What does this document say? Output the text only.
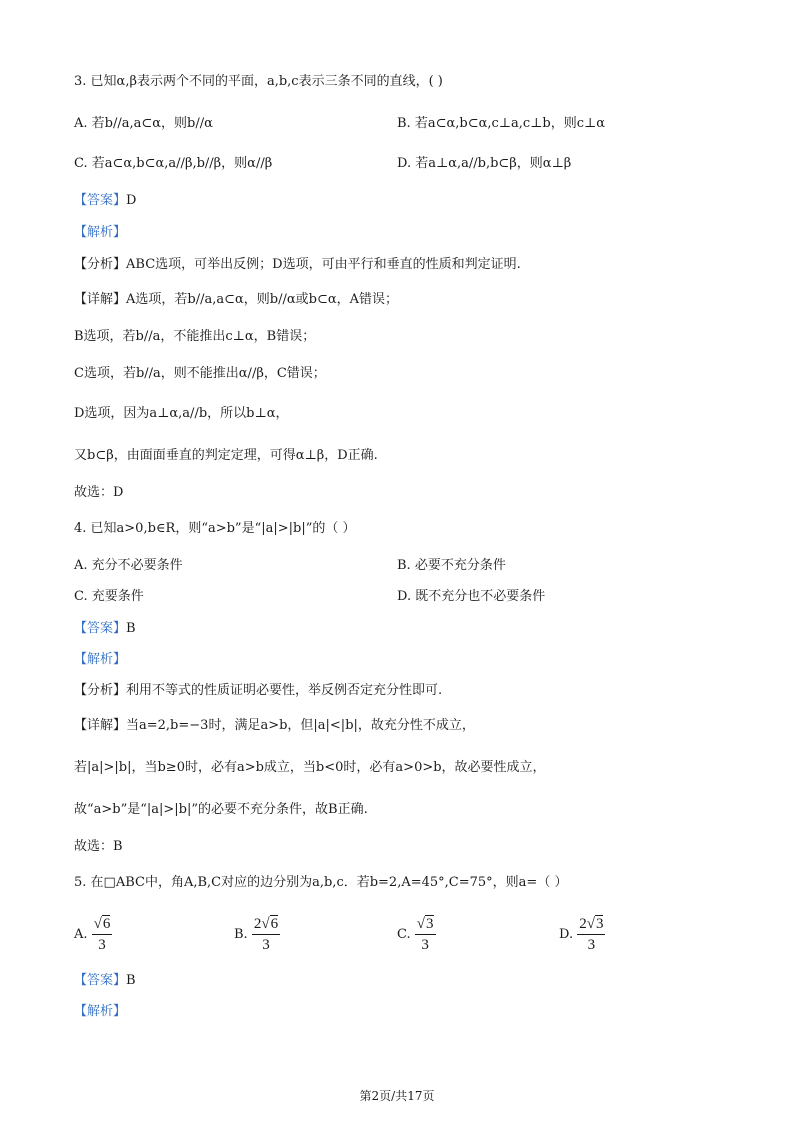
3. 已知α,β表示两个不同的平面，a,b,c表示三条不同的直线，( )
A. 若b//a,a⊂α，则b//α	B. 若a⊂α,b⊂α,c⊥a,c⊥b，则c⊥α
C. 若a⊂α,b⊂α,a//β,b//β，则α//β	D. 若a⊥α,a//b,b⊂β，则α⊥β
【答案】D
【解析】
【分析】ABC选项，可举出反例；D选项，可由平行和垂直的性质和判定证明.
【详解】A选项，若b//a,a⊂α，则b//α或b⊂α，A错误；
B选项，若b//a，不能推出c⊥α，B错误；
C选项，若b//a，则不能推出α//β，C错误；
D选项，因为a⊥α,a//b，所以b⊥α，
又b⊂β，由面面垂直的判定定理，可得α⊥β，D正确.
故选：D
4. 已知a>0,b∈R，则“a>b”是“|a|>|b|”的（ ）
A. 充分不必要条件	B. 必要不充分条件
C. 充要条件	D. 既不充分也不必要条件
【答案】B
【解析】
【分析】利用不等式的性质证明必要性，举反例否定充分性即可.
【详解】当a=2,b=−3时，满足a>b，但|a|<|b|，故充分性不成立，
若|a|>|b|，当b≥0时，必有a>b成立，当b<0时，必有a>0>b，故必要性成立，
故“a>b”是“|a|>|b|”的必要不充分条件，故B正确.
故选：B
5. 在□ABC中，角A,B,C对应的边分别为a,b,c．若b=2,A=45°,C=75°，则a=（ ）
A. $\frac{√6}{3}$	B. $\frac{2√6}{3}$	C. $\frac{√3}{3}$	D. $\frac{2√3}{3}$
【答案】B
【解析】
第2页/共17页
